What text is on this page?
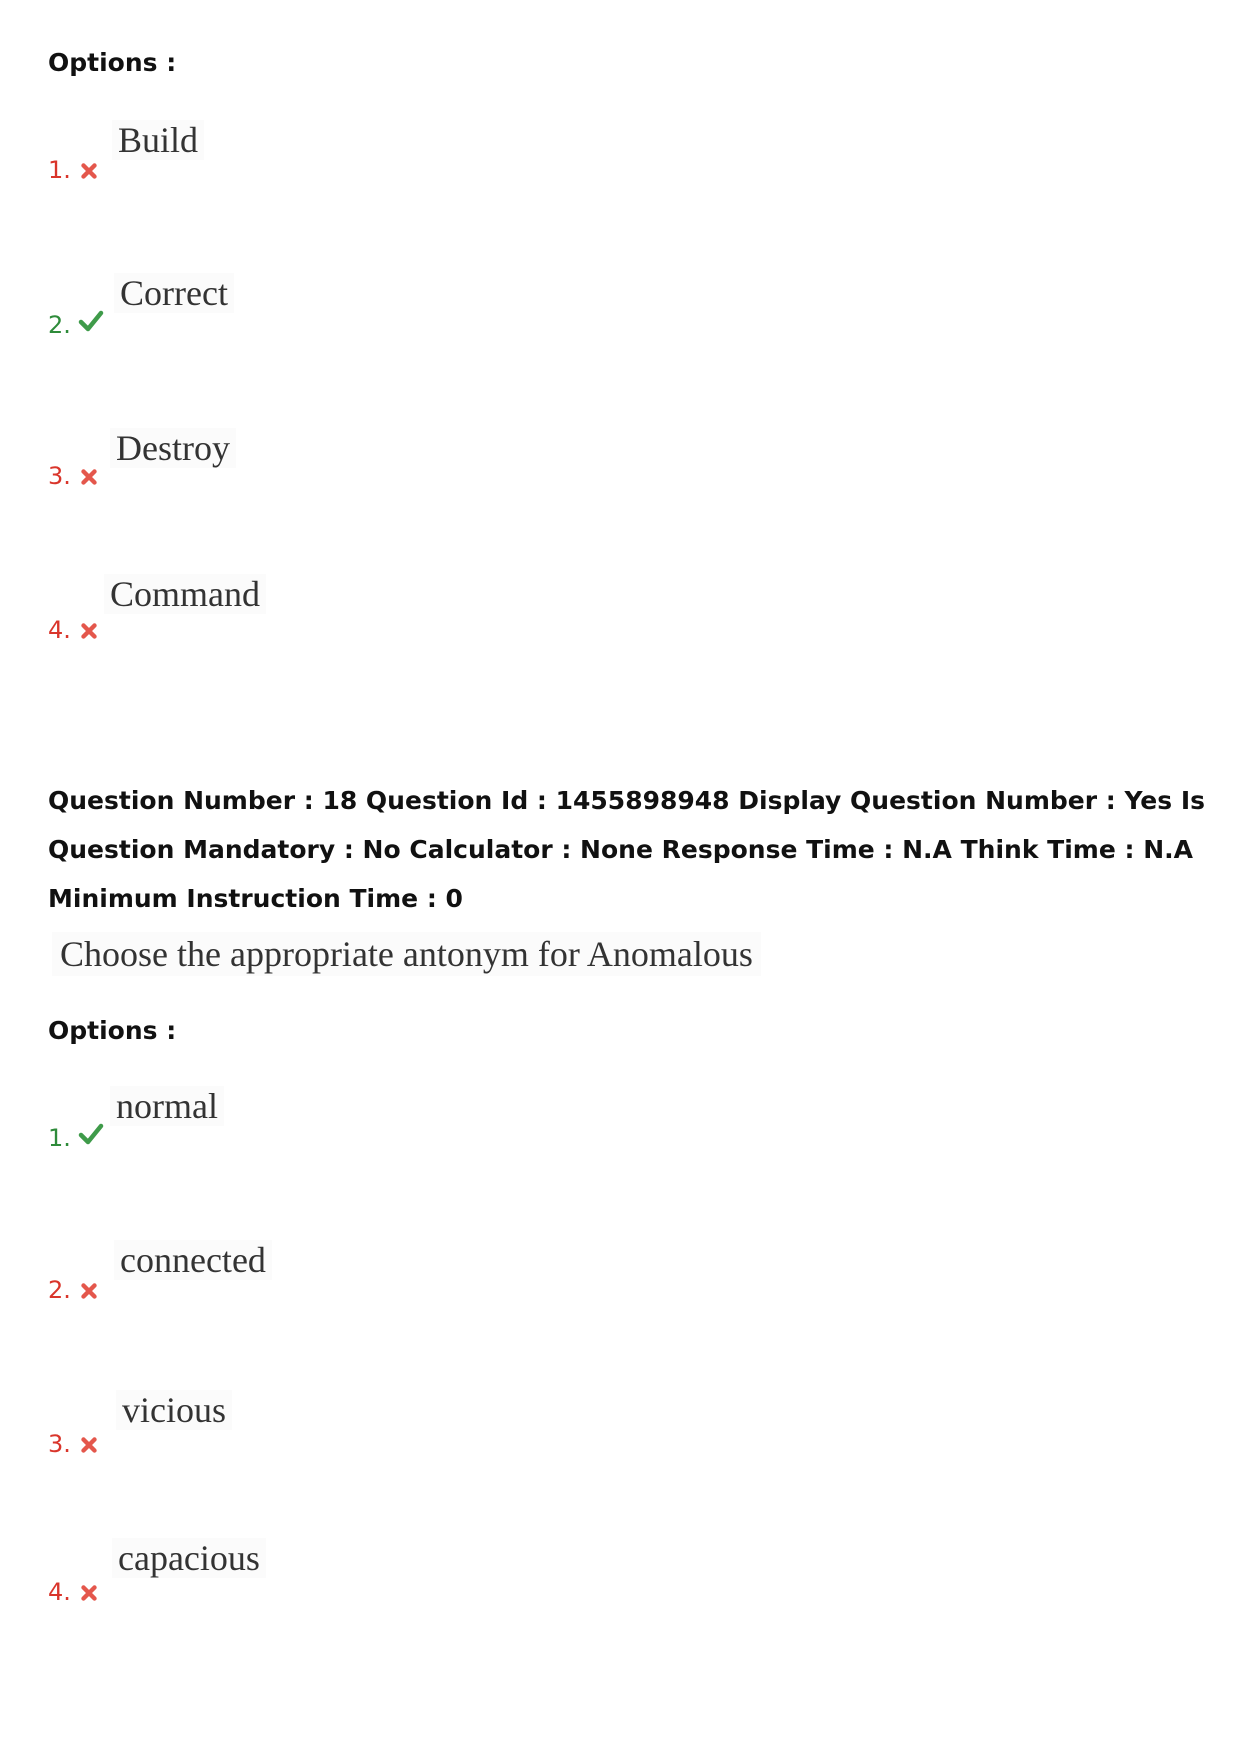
Options :
Build
1.
Correct
2.
Destroy
3.
Command
4.
Question Number : 18 Question Id : 1455898948 Display Question Number : Yes Is Question Mandatory : No Calculator : None Response Time : N.A Think Time : N.A Minimum Instruction Time : 0
Choose the appropriate antonym for Anomalous
Options :
normal
1.
connected
2.
vicious
3.
capacious
4.
